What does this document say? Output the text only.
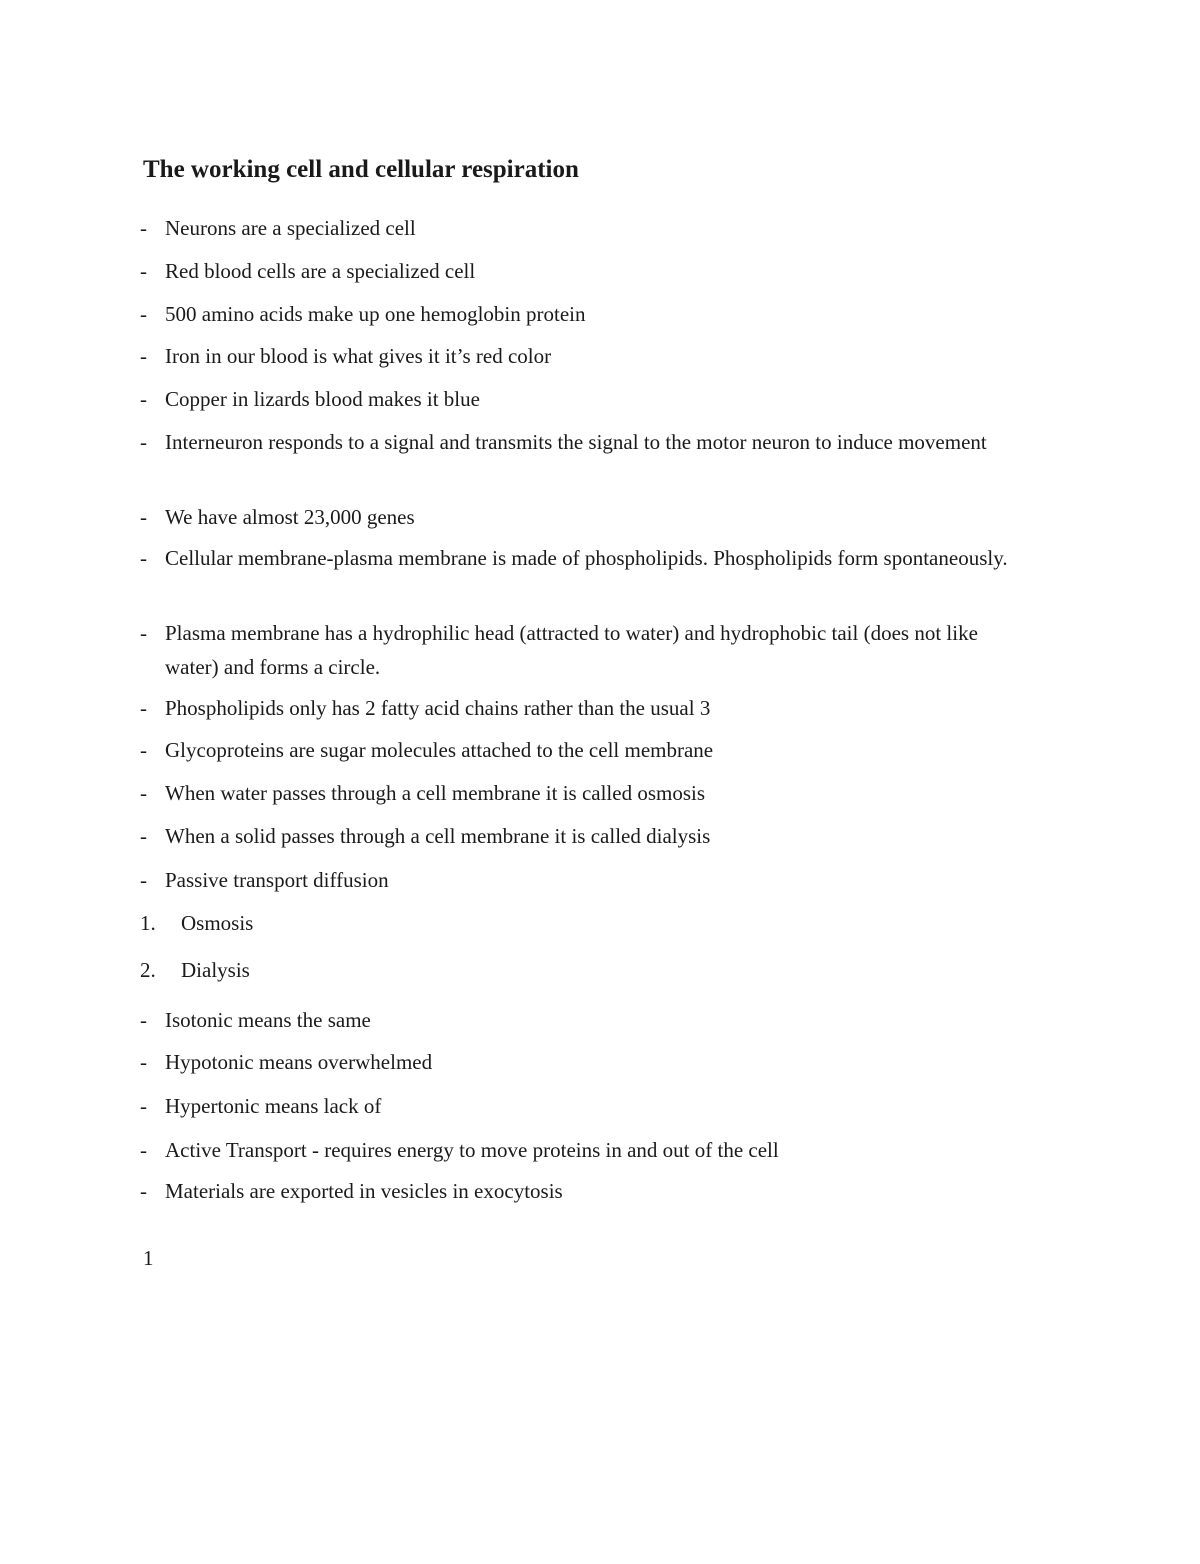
The working cell and cellular respiration
- Neurons are a specialized cell
- Red blood cells are a specialized cell
- 500 amino acids make up one hemoglobin protein
- Iron in our blood is what gives it it’s red color
- Copper in lizards blood makes it blue
- Interneuron responds to a signal and transmits the signal to the motor neuron to induce movement
- We have almost 23,000 genes
- Cellular membrane-plasma membrane is made of phospholipids. Phospholipids form spontaneously.
- Plasma membrane has a hydrophilic head (attracted to water) and hydrophobic tail (does not like water) and forms a circle.
- Phospholipids only has 2 fatty acid chains rather than the usual 3
- Glycoproteins are sugar molecules attached to the cell membrane
- When water passes through a cell membrane it is called osmosis
- When a solid passes through a cell membrane it is called dialysis
- Passive transport diffusion
1.	Osmosis
2.	Dialysis
- Isotonic means the same
- Hypotonic means overwhelmed
- Hypertonic means lack of
- Active Transport - requires energy to move proteins in and out of the cell
- Materials are exported in vesicles in exocytosis
1
